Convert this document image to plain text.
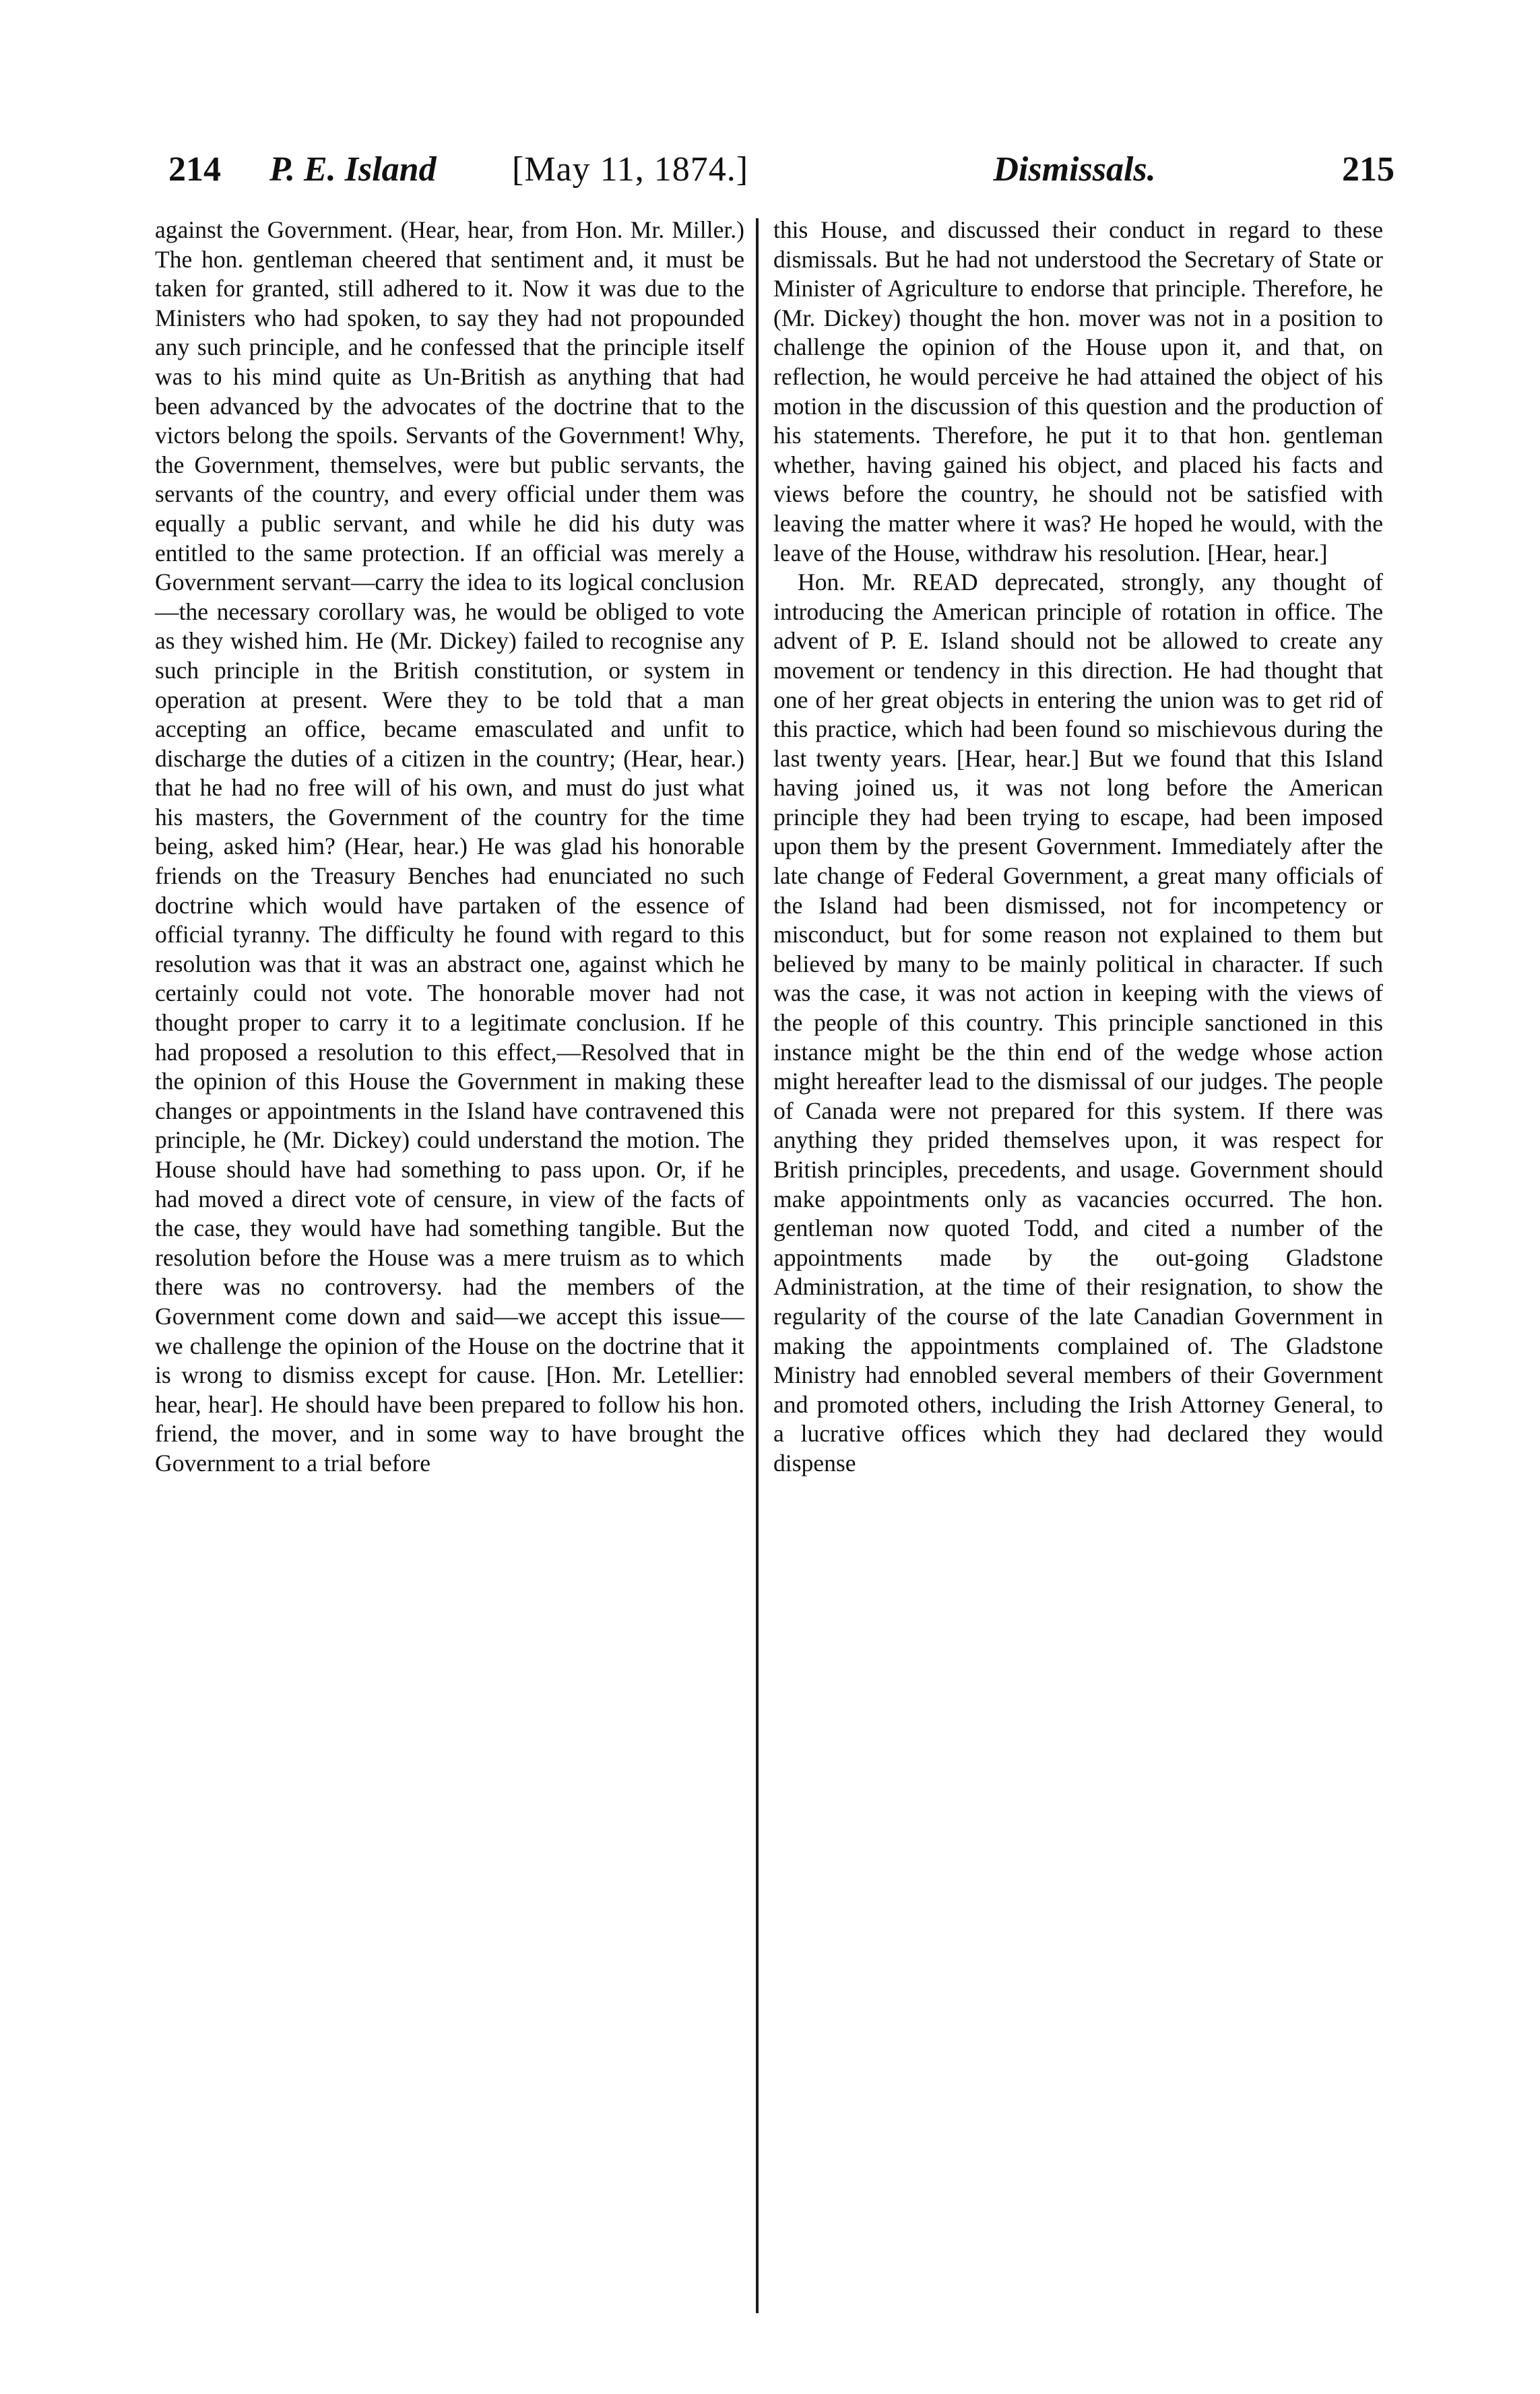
214	P. E. Island	[May 11, 1874.]	Dismissals.	215

against the Government. (Hear, hear, from Hon. Mr. Miller.) The hon. gentleman cheered that sentiment and, it must be taken for granted, still adhered to it. Now it was due to the Ministers who had spoken, to say they had not propounded any such principle, and he confessed that the principle itself was to his mind quite as Un-British as anything that had been advanced by the advocates of the doctrine that to the victors belong the spoils. Servants of the Government! Why, the Government, themselves, were but public servants, the servants of the country, and every official under them was equally a public servant, and while he did his duty was entitled to the same protection. If an official was merely a Government servant—carry the idea to its logical conclusion—the necessary corollary was, he would be obliged to vote as they wished him. He (Mr. Dickey) failed to recognise any such principle in the British constitution, or system in operation at present. Were they to be told that a man accepting an office, became emasculated and unfit to discharge the duties of a citizen in the country; (Hear, hear.) that he had no free will of his own, and must do just what his masters, the Government of the country for the time being, asked him? (Hear, hear.) He was glad his honorable friends on the Treasury Benches had enunciated no such doctrine which would have partaken of the essence of official tyranny. The difficulty he found with regard to this resolution was that it was an abstract one, against which he certainly could not vote. The honorable mover had not thought proper to carry it to a legitimate conclusion. If he had proposed a resolution to this effect,—Resolved that in the opinion of this House the Government in making these changes or appointments in the Island have contravened this principle, he (Mr. Dickey) could understand the motion. The House should have had something to pass upon. Or, if he had moved a direct vote of censure, in view of the facts of the case, they would have had something tangible. But the resolution before the House was a mere truism as to which there was no controversy. had the members of the Government come down and said—we accept this issue—we challenge the opinion of the House on the doctrine that it is wrong to dismiss except for cause. [Hon. Mr. Letellier: hear, hear]. He should have been prepared to follow his hon. friend, the mover, and in some way to have brought the Government to a trial before

this House, and discussed their conduct in regard to these dismissals. But he had not understood the Secretary of State or Minister of Agriculture to endorse that principle. Therefore, he (Mr. Dickey) thought the hon. mover was not in a position to challenge the opinion of the House upon it, and that, on reflection, he would perceive he had attained the object of his motion in the discussion of this question and the production of his statements. Therefore, he put it to that hon. gentleman whether, having gained his object, and placed his facts and views before the country, he should not be satisfied with leaving the matter where it was? He hoped he would, with the leave of the House, withdraw his resolution. [Hear, hear.]

Hon. Mr. READ deprecated, strongly, any thought of introducing the American principle of rotation in office. The advent of P. E. Island should not be allowed to create any movement or tendency in this direction. He had thought that one of her great objects in entering the union was to get rid of this practice, which had been found so mischievous during the last twenty years. [Hear, hear.] But we found that this Island having joined us, it was not long before the American principle they had been trying to escape, had been imposed upon them by the present Government. Immediately after the late change of Federal Government, a great many officials of the Island had been dismissed, not for incompetency or misconduct, but for some reason not explained to them but believed by many to be mainly political in character. If such was the case, it was not action in keeping with the views of the people of this country. This principle sanctioned in this instance might be the thin end of the wedge whose action might hereafter lead to the dismissal of our judges. The people of Canada were not prepared for this system. If there was anything they prided themselves upon, it was respect for British principles, precedents, and usage. Government should make appointments only as vacancies occurred. The hon. gentleman now quoted Todd, and cited a number of the appointments made by the out-going Gladstone Administration, at the time of their resignation, to show the regularity of the course of the late Canadian Government in making the appointments complained of. The Gladstone Ministry had ennobled several members of their Government and promoted others, including the Irish Attorney General, to a lucrative offices which they had declared they would dispense
